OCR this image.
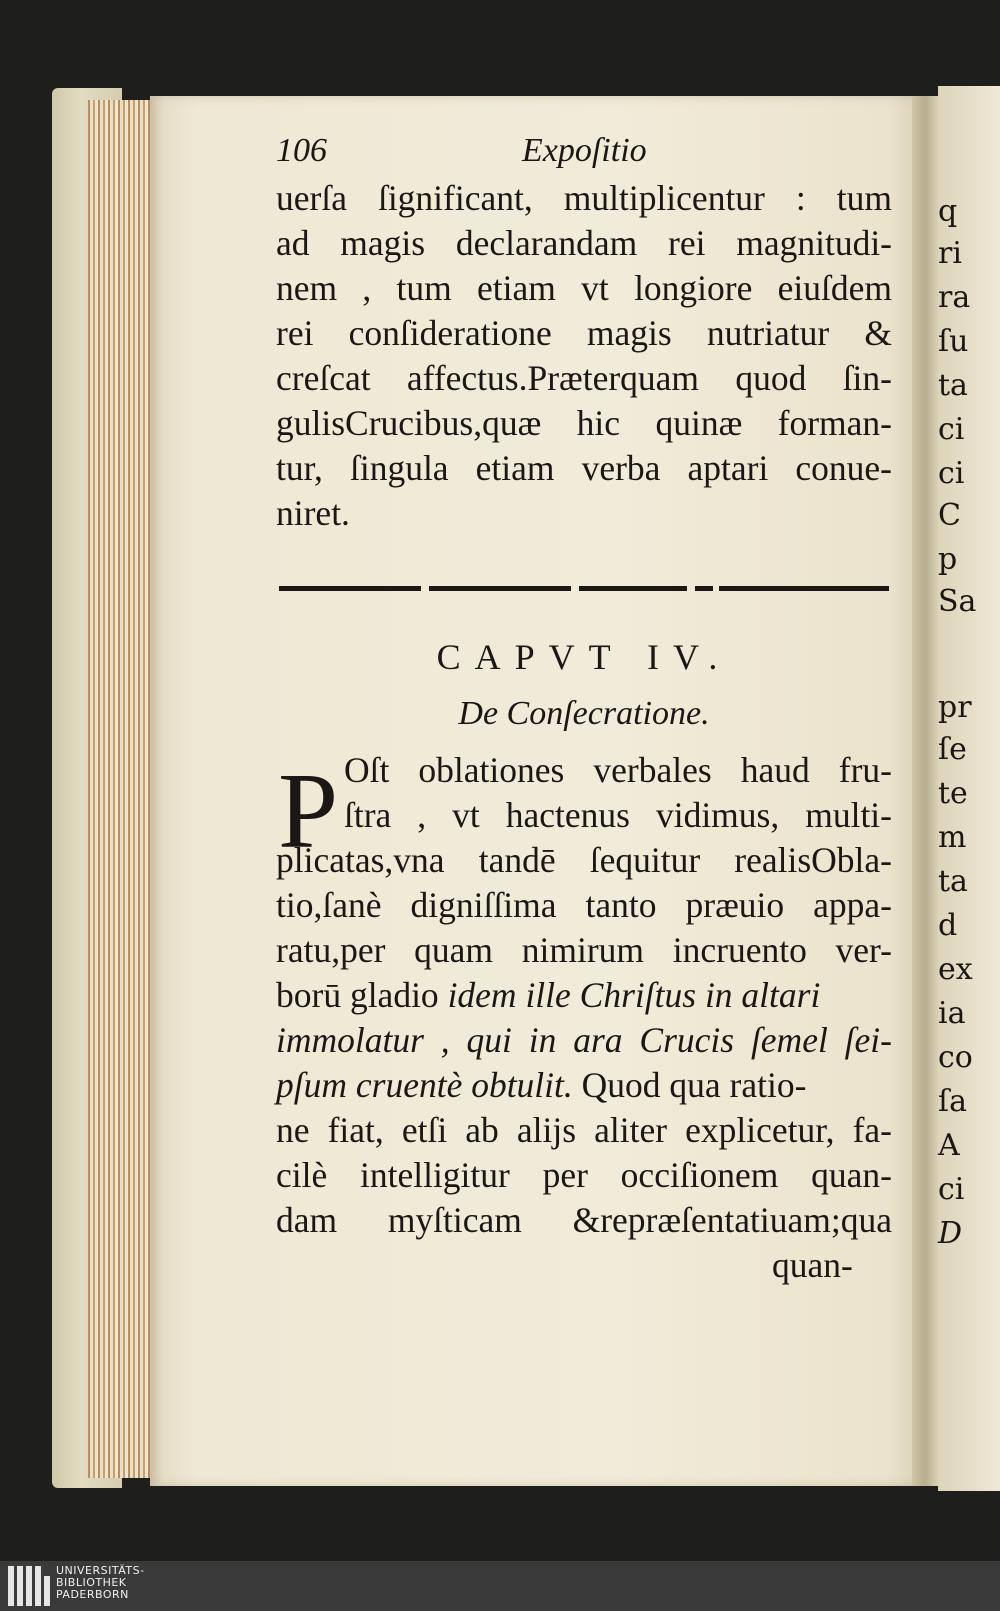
q
ri
ra
ſu
ta
ci
ci
C
p
Sa
pr
ſe
te
m
ta
d
ex
ia
co
ſa
A
ci
D
106	Expoſitio
uerſa ſignificant, multiplicentur : tum
ad magis declarandam rei magnitudi-
nem , tum etiam vt longiore eiuſdem
rei conſideratione magis nutriatur &
creſcat affectus.Præterquam quod ſin-
gulisCrucibus,quæ hic quinæ forman-
tur, ſingula etiam verba aptari conue-
niret.
CAPVT IV.
De Conſecratione.
P Oſt oblationes verbales haud fru-
ſtra , vt hactenus vidimus, multi-
plicatas,vna tandē ſequitur realisObla-
tio,ſanè digniſſima tanto præuio appa-
ratu,per quam nimirum incruento ver-
borū gladio idem ille Chriſtus in altari
immolatur , qui in ara Crucis ſemel ſei-
pſum cruentè obtulit. Quod qua ratio-
ne fiat, etſi ab alijs aliter explicetur, fa-
cilè intelligitur per occiſionem quan-
dam myſticam &repræſentatiuam;qua
quan-
UNIVERSITÄTS-
BIBLIOTHEK
PADERBORN
